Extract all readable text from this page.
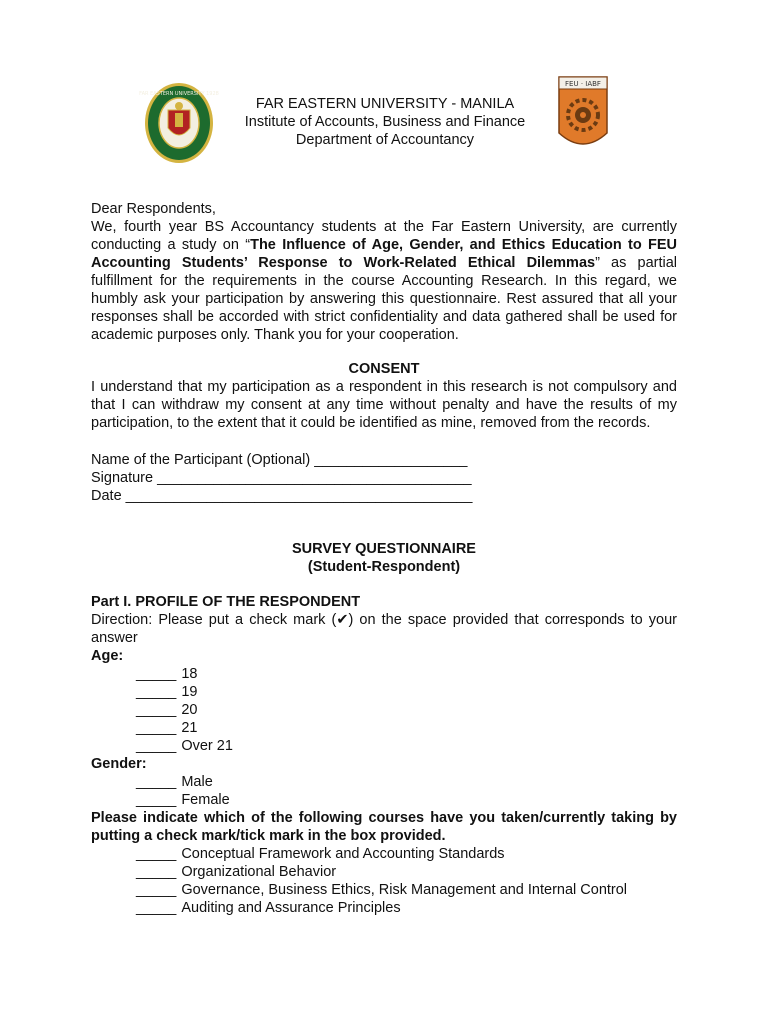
FAR EASTERN UNIVERSITY 1928
FEU · IABF
FAR EASTERN UNIVERSITY - MANILA
Institute of Accounts, Business and Finance
Department of Accountancy
Dear Respondents,
We, fourth year BS Accountancy students at the Far Eastern University, are currently conducting a study on “The Influence of Age, Gender, and Ethics Education to FEU Accounting Students’ Response to Work-Related Ethical Dilemmas” as partial fulfillment for the requirements in the course Accounting Research. In this regard, we humbly ask your participation by answering this questionnaire. Rest assured that all your responses shall be accorded with strict confidentiality and data gathered shall be used for academic purposes only. Thank you for your cooperation.
CONSENT
I understand that my participation as a respondent in this research is not compulsory and that I can withdraw my consent at any time without penalty and have the results of my participation, to the extent that it could be identified as mine, removed from the records.
Name of the Participant (Optional) ___________________
Signature _______________________________________
Date ___________________________________________
SURVEY QUESTIONNAIRE
(Student-Respondent)
Part I. PROFILE OF THE RESPONDENT
Direction: Please put a check mark (✔) on the space provided that corresponds to your answer
Age:
_____ 18
_____ 19
_____ 20
_____ 21
_____ Over 21
Gender:
_____ Male
_____ Female
Please indicate which of the following courses have you taken/currently taking by putting a check mark/tick mark in the box provided.
_____ Conceptual Framework and Accounting Standards
_____ Organizational Behavior
_____ Governance, Business Ethics, Risk Management and Internal Control
_____ Auditing and Assurance Principles
